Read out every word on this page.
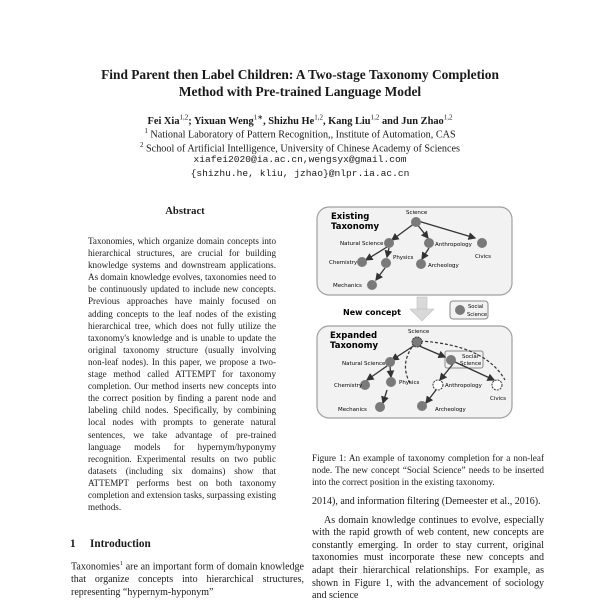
Find Parent then Label Children: A Two-stage Taxonomy Completion
Method with Pre-trained Language Model
Fei Xia$^{1,2}$; Yixuan Weng$^{1∗}$, Shizhu He$^{1,2}$, Kang Liu$^{1,2}$ and Jun Zhao$^{1,2}$
$^1$ National Laboratory of Pattern Recognition,, Institute of Automation, CAS
$^2$ School of Artificial Intelligence, University of Chinese Academy of Sciences
xiafei2020@ia.ac.cn,wengsyx@gmail.com
{shizhu.he, kliu, jzhao}@nlpr.ia.ac.cn
Abstract
Taxonomies, which organize domain concepts into hierarchical structures, are crucial for building knowledge systems and downstream applications. As domain knowledge evolves, taxonomies need to be continuously updated to include new concepts. Previous approaches have mainly focused on adding concepts to the leaf nodes of the existing hierarchical tree, which does not fully utilize the taxonomy's knowledge and is unable to update the original taxonomy structure (usually involving non-leaf nodes). In this paper, we propose a two-stage method called ATTEMPT for taxonomy completion. Our method inserts new concepts into the correct position by finding a parent node and labeling child nodes. Specifically, by combining local nodes with prompts to generate natural sentences, we take advantage of pre-trained language models for hypernym/hyponymy recognition. Experimental results on two public datasets (including six domains) show that ATTEMPT performs best on both taxonomy completion and extension tasks, surpassing existing methods.
1 Introduction
Taxonomies$^1$ are an important form of domain knowledge that organize concepts into hierarchical structures, representing “hypernym-hyponym”
Existing
Taxonomy
Science
Natural Science	Anthropology
Civics
Chemistry
Physics
Archeology
Mechanics
New concept
Social
Science
Expanded
Taxonomy
Science
Natural Science
Social
Science
Anthropology
Civics
Chemistry	Physics
Archeology
Mechanics
Figure 1: An example of taxonomy completion for a non-leaf node. The new concept “Social Science” needs to be inserted into the correct position in the existing taxonomy.

2014), and information filtering (Demeester et al., 2016).

As domain knowledge continues to evolve, especially with the rapid growth of web content, new concepts are constantly emerging. In order to stay current, original taxonomies must incorporate these new concepts and adapt their hierarchical relationships. For example, as shown in Figure 1, with the advancement of sociology and science
